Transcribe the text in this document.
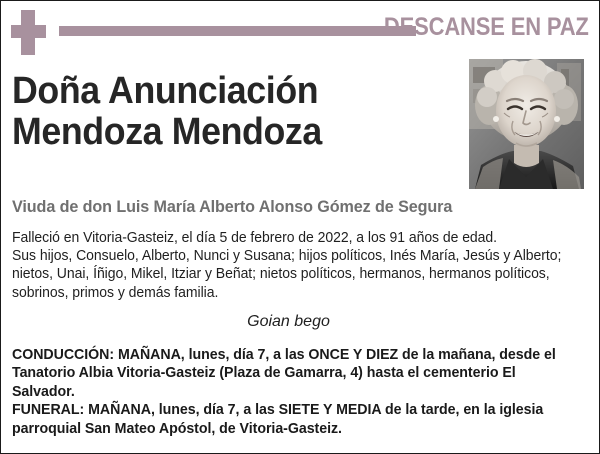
DESCANSE EN PAZ
Doña Anunciación
Mendoza Mendoza
Viuda de don Luis María Alberto Alonso Gómez de Segura
Falleció en Vitoria-Gasteiz, el día 5 de febrero de 2022, a los 91 años de edad.
Sus hijos, Consuelo, Alberto, Nunci y Susana; hijos políticos, Inés María, Jesús y Alberto;
nietos, Unai, Íñigo, Mikel, Itziar y Beñat; nietos políticos, hermanos, hermanos políticos,
sobrinos, primos y demás familia.
Goian bego
CONDUCCIÓN: MAÑANA, lunes, día 7, a las ONCE Y DIEZ de la mañana, desde el
Tanatorio Albia Vitoria-Gasteiz (Plaza de Gamarra, 4) hasta el cementerio El
Salvador.
FUNERAL: MAÑANA, lunes, día 7, a las SIETE Y MEDIA de la tarde, en la iglesia
parroquial San Mateo Apóstol, de Vitoria-Gasteiz.
